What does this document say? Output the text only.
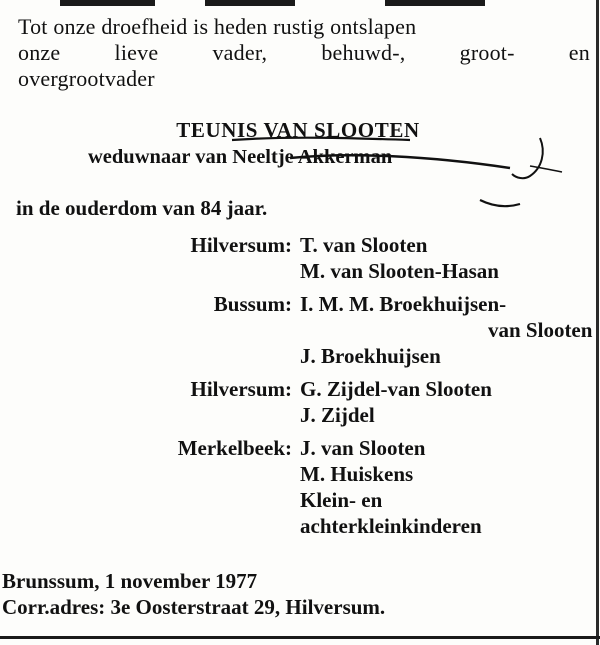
Tot onze droefheid is heden rustig ontslapen
onze lieve vader, behuwd-, groot- en
overgrootvader
TEUNIS VAN SLOOTEN
weduwnaar van Neeltje Akkerman
in de ouderdom van 84 jaar.
Hilversum: T. van Slooten
M. van Slooten-Hasan
Bussum: I. M. M. Broekhuijsen-
van Slooten
J. Broekhuijsen
Hilversum: G. Zijdel-van Slooten
J. Zijdel
Merkelbeek: J. van Slooten
M. Huiskens
Klein- en
achterkleinkinderen
Brunssum, 1 november 1977
Corr.adres: 3e Oosterstraat 29, Hilversum.
